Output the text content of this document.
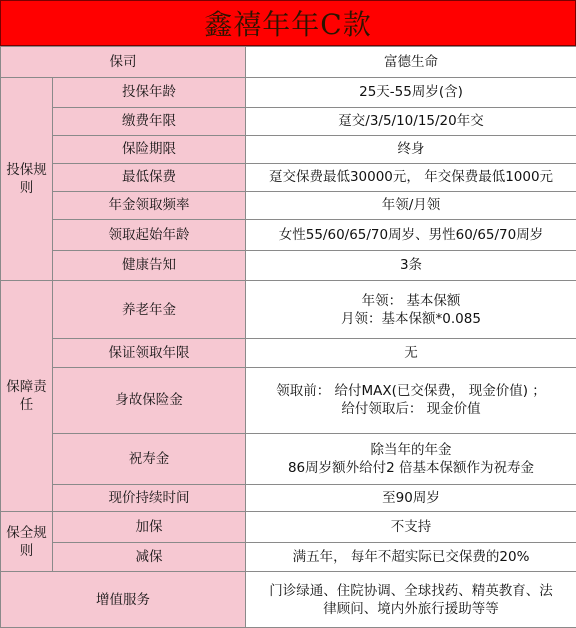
鑫禧年年C款
保司		富德生命
投保规则	投保年龄	25天-55周岁(含)
	缴费年限	趸交/3/5/10/15/20年交
	保险期限	终身
	最低保费	趸交保费最低30000元， 年交保费最低1000元
	年金领取频率	年领/月领
	领取起始年龄	女性55/60/65/70周岁、男性60/65/70周岁
	健康告知	3条
保障责任	养老年金	年领： 基本保额
月领：基本保额*0.085

	保证领取年限	无
	身故保险金	领取前： 给付MAX(已交保费， 现金价值) ；
给付领取后： 现金价值

	祝寿金	除当年的年金
86周岁额外给付2 倍基本保额作为祝寿金

	现价持续时间	至90周岁
保全规则	加保	不支持
	减保	满五年， 每年不超实际已交保费的20%
增值服务		门诊绿通、住院协调、全球找药、精英教育、法
律顾问、境内外旅行援助等等
